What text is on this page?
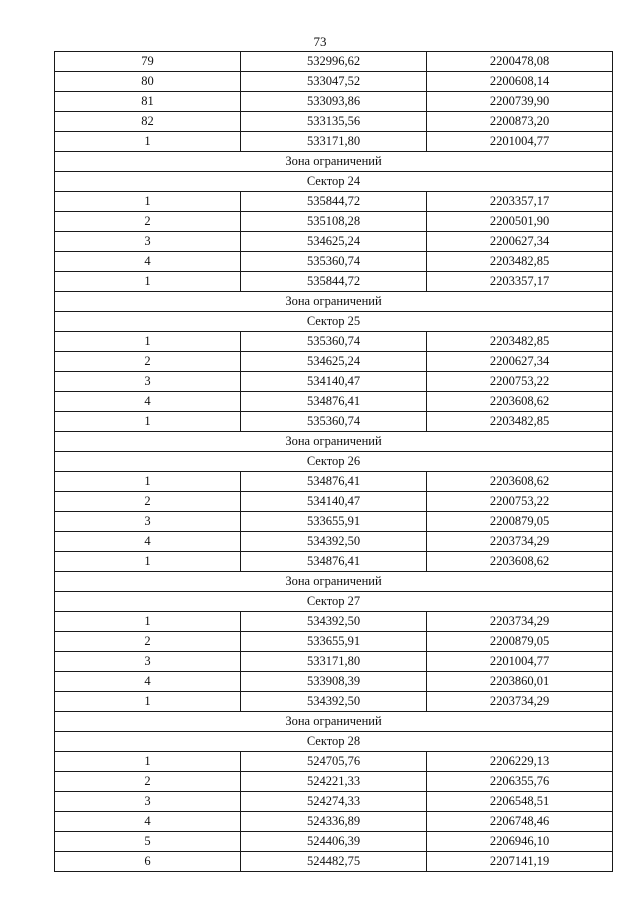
73
79	532996,62	2200478,08
80	533047,52	2200608,14
81	533093,86	2200739,90
82	533135,56	2200873,20
1	533171,80	2201004,77
Зона ограничений		
Сектор 24		
1	535844,72	2203357,17
2	535108,28	2200501,90
3	534625,24	2200627,34
4	535360,74	2203482,85
1	535844,72	2203357,17
Зона ограничений		
Сектор 25		
1	535360,74	2203482,85
2	534625,24	2200627,34
3	534140,47	2200753,22
4	534876,41	2203608,62
1	535360,74	2203482,85
Зона ограничений		
Сектор 26		
1	534876,41	2203608,62
2	534140,47	2200753,22
3	533655,91	2200879,05
4	534392,50	2203734,29
1	534876,41	2203608,62
Зона ограничений		
Сектор 27		
1	534392,50	2203734,29
2	533655,91	2200879,05
3	533171,80	2201004,77
4	533908,39	2203860,01
1	534392,50	2203734,29
Зона ограничений		
Сектор 28		
1	524705,76	2206229,13
2	524221,33	2206355,76
3	524274,33	2206548,51
4	524336,89	2206748,46
5	524406,39	2206946,10
6	524482,75	2207141,19
